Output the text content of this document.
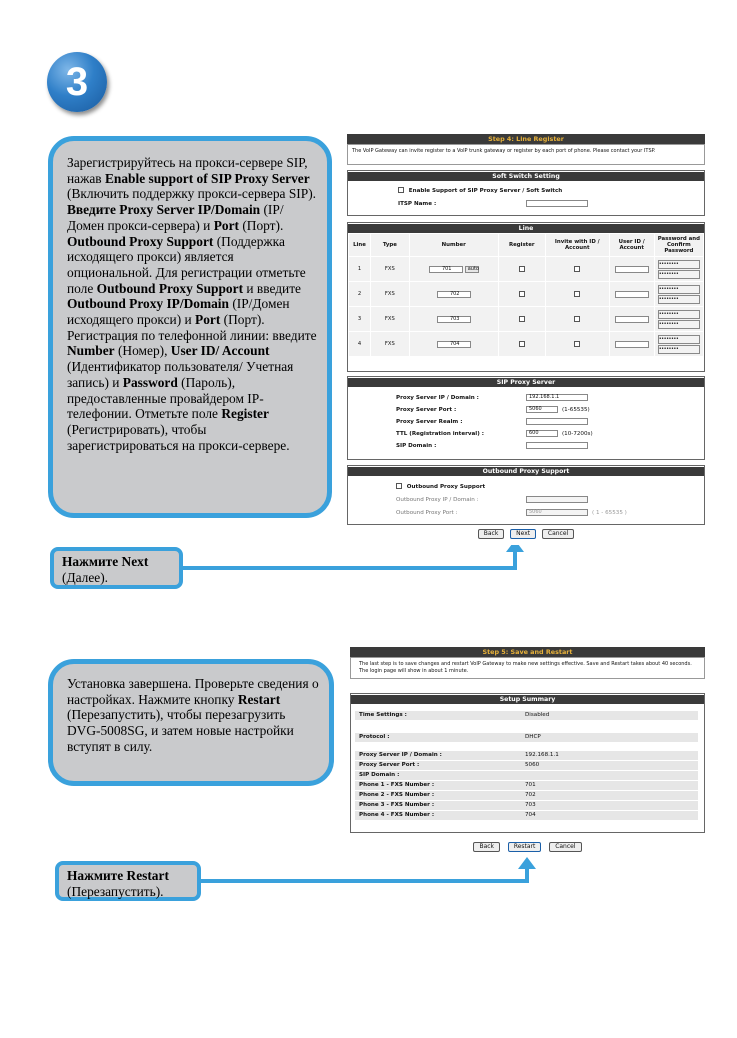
3
Зарегистрируйтесь на прокси-сервере SIP, нажав Enable support of SIP Proxy Server (Включить поддержку прокси-сервера SIP). Введите Proxy Server IP/Domain (IP/Домен прокси-сервера) и Port (Порт). Outbound Proxy Support (Поддержка исходящего прокси) является опциональной. Для регистрации отметьте поле Outbound Proxy Support и введите Outbound Proxy IP/Domain (IP/Домен исходящего прокси) и Port (Порт). Регистрация по телефонной линии: введите Number (Номер), User ID/ Account (Идентификатор пользователя/ Учетная запись) и Password (Пароль), предоставленные провайдером IP-телефонии. Отметьте поле Register (Регистрировать), чтобы зарегистрироваться на прокси-сервере.
Нажмите Next
(Далее).
Step 4: Line Register
The VoIP Gateway can invite register to a VoIP trunk gateway or register by each port of phone. Please contact your ITSP.
Soft Switch Setting
Enable Support of SIP Proxy Server / Soft Switch
ITSP Name :
Line
Line	Type	Number	Register	Invite with ID / Account	User ID / Account	Password and Confirm Password
1	FXS	701 auto				••••••••
••••••••

2	FXS	702				••••••••
••••••••

3	FXS	703				••••••••
••••••••

4	FXS	704				••••••••
••••••••
SIP Proxy Server
Proxy Server IP / Domain :	192.168.1.1
Proxy Server Port :	5060	(1-65535)
Proxy Server Realm :
TTL (Registration interval) :	600	(10-7200s)
SIP Domain :
Outbound Proxy Support
Outbound Proxy Support
Outbound Proxy IP / Domain :
Outbound Proxy Port :	5060	( 1 - 65535 )
Back	Next	Cancel
Установка завершена. Проверьте сведения о настройках. Нажмите кнопку Restart (Перезапустить), чтобы перезагрузить DVG-5008SG, и затем новые настройки вступят в силу.
Step 5: Save and Restart
The last step is to save changes and restart VoIP Gateway to make new settings effective. Save and Restart takes about 40 seconds. The login page will show in about 1 minute.
Setup Summary
Time Settings :	Disabled
Protocol :	DHCP
Proxy Server IP / Domain :	192.168.1.1
Proxy Server Port :	5060
SIP Domain :
Phone 1 - FXS Number :	701
Phone 2 - FXS Number :	702
Phone 3 - FXS Number :	703
Phone 4 - FXS Number :	704
Back	Restart	Cancel
Нажмите Restart
(Перезапустить).
